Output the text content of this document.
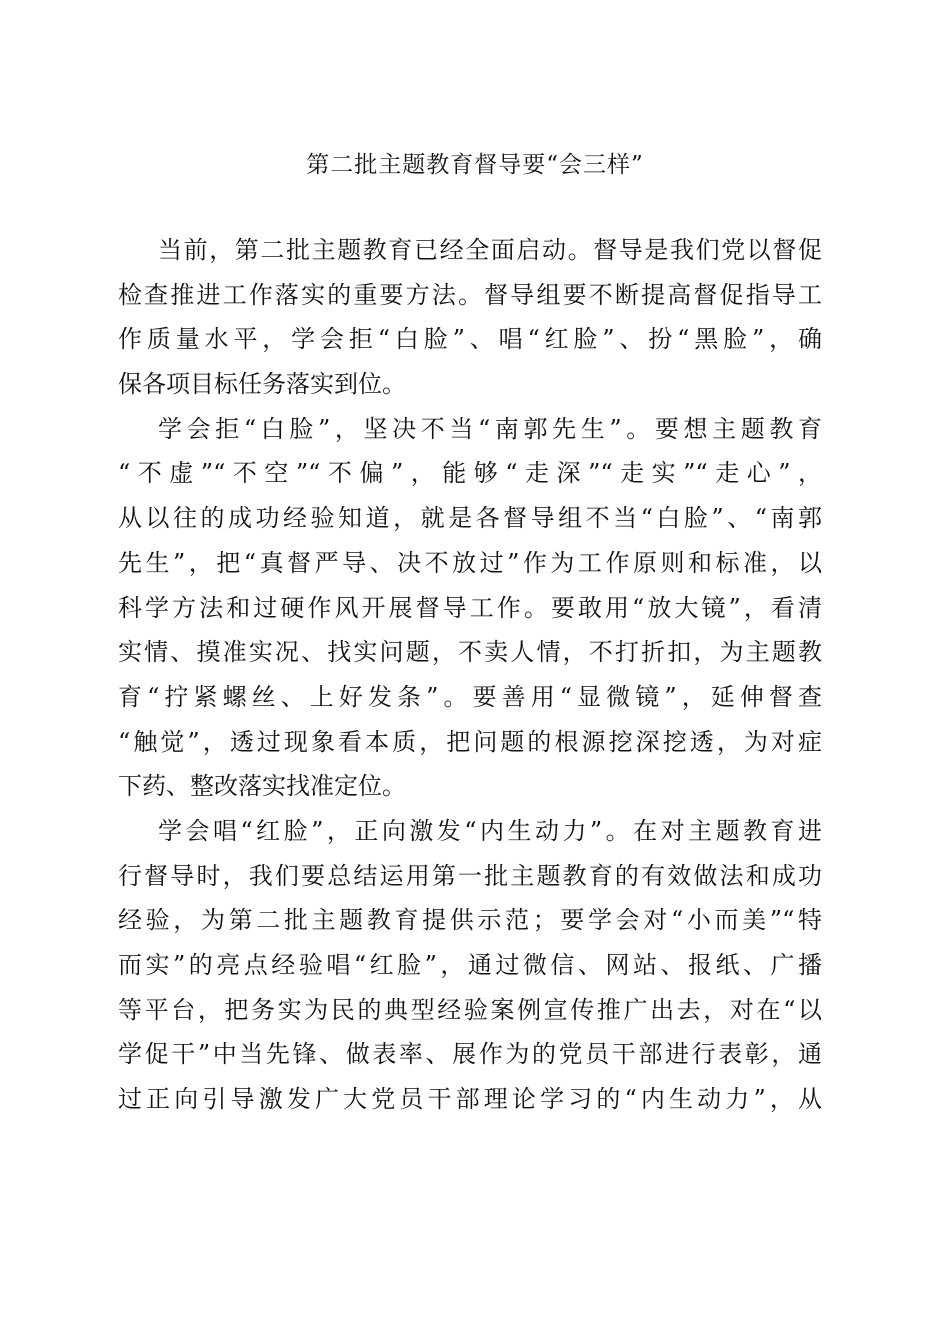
第二批主题教育督导要“会三样”
当前，第二批主题教育已经全面启动。督导是我们党以督促
检查推进工作落实的重要方法。督导组要不断提高督促指导工
作质量水平，学会拒“白脸”、唱“红脸”、扮“黑脸”，确
保各项目标任务落实到位。
学会拒“白脸”，坚决不当“南郭先生”。要想主题教育
“不虚”“不空”“不偏”，能够“走深”“走实”“走心”，
从以往的成功经验知道，就是各督导组不当“白脸”、“南郭
先生”，把“真督严导、决不放过”作为工作原则和标准，以
科学方法和过硬作风开展督导工作。要敢用“放大镜”，看清
实情、摸准实况、找实问题，不卖人情，不打折扣，为主题教
育“拧紧螺丝、上好发条”。要善用“显微镜”，延伸督查
“触觉”，透过现象看本质，把问题的根源挖深挖透，为对症
下药、整改落实找准定位。
学会唱“红脸”，正向激发“内生动力”。在对主题教育进
行督导时，我们要总结运用第一批主题教育的有效做法和成功
经验，为第二批主题教育提供示范；要学会对“小而美”“特
而实”的亮点经验唱“红脸”，通过微信、网站、报纸、广播
等平台，把务实为民的典型经验案例宣传推广出去，对在“以
学促干”中当先锋、做表率、展作为的党员干部进行表彰，通
过正向引导激发广大党员干部理论学习的“内生动力”，从
